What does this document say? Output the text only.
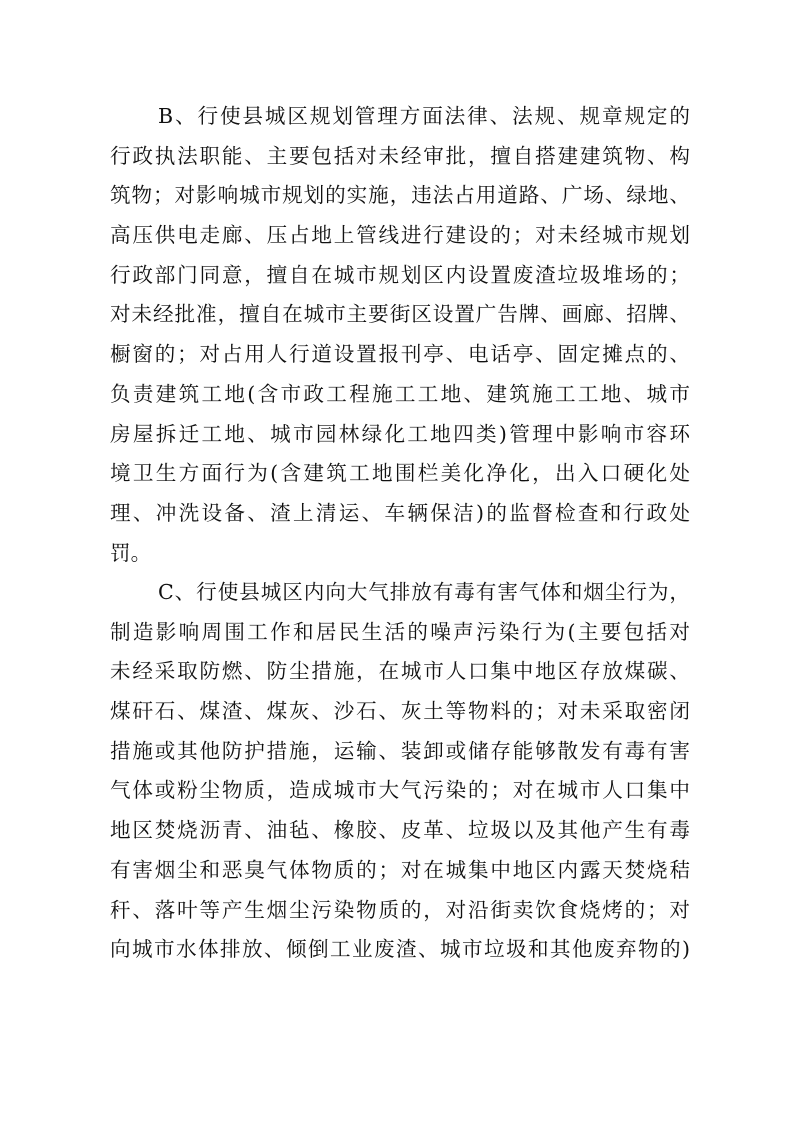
B、行使县城区规划管理方面法律、法规、规章规定的
行政执法职能、主要包括对未经审批，擅自搭建建筑物、构
筑物；对影响城市规划的实施，违法占用道路、广场、绿地、
高压供电走廊、压占地上管线进行建设的；对未经城市规划
行政部门同意，擅自在城市规划区内设置废渣垃圾堆场的；
对未经批准，擅自在城市主要街区设置广告牌、画廊、招牌、
橱窗的；对占用人行道设置报刊亭、电话亭、固定摊点的、
负责建筑工地(含市政工程施工工地、建筑施工工地、城市
房屋拆迁工地、城市园林绿化工地四类)管理中影响市容环
境卫生方面行为(含建筑工地围栏美化净化，出入口硬化处
理、冲洗设备、渣上清运、车辆保洁)的监督检查和行政处
罚。
C、行使县城区内向大气排放有毒有害气体和烟尘行为，
制造影响周围工作和居民生活的噪声污染行为(主要包括对
未经采取防燃、防尘措施，在城市人口集中地区存放煤碳、
煤矸石、煤渣、煤灰、沙石、灰土等物料的；对未采取密闭
措施或其他防护措施，运输、装卸或储存能够散发有毒有害
气体或粉尘物质，造成城市大气污染的；对在城市人口集中
地区焚烧沥青、油毡、橡胶、皮革、垃圾以及其他产生有毒
有害烟尘和恶臭气体物质的；对在城集中地区内露天焚烧秸
秆、落叶等产生烟尘污染物质的，对沿街卖饮食烧烤的；对
向城市水体排放、倾倒工业废渣、城市垃圾和其他废弃物的)
